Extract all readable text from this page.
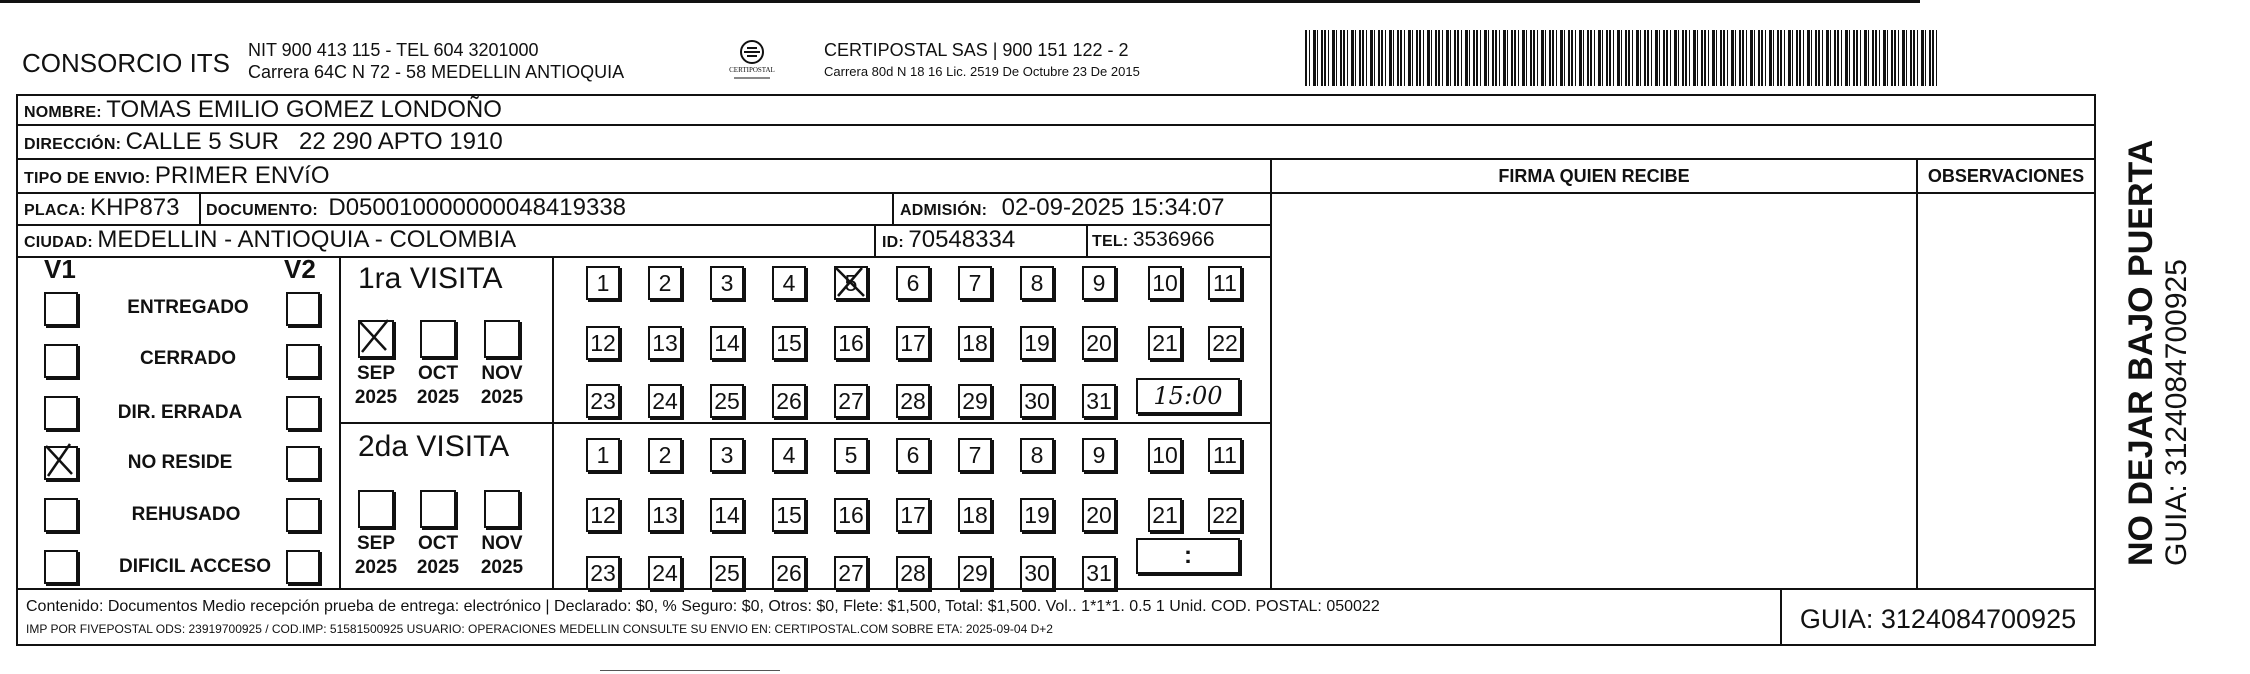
CONSORCIO ITS NIT 900 413 115 - TEL 604 3201000
Carrera 64C N 72 - 58 MEDELLIN ANTIOQUIA	CERTIPOSTAL
CERTIPOSTAL SAS | 900 151 122 - 2
Carrera 80d N 18 16 Lic. 2519 De Octubre 23 De 2015
NOMBRE: TOMAS EMILIO GOMEZ LONDOÑO
DIRECCIÓN: CALLE 5 SUR   22 290 APTO 1910
TIPO DE ENVIO: PRIMER ENVíO
PLACA: KHP873 DOCUMENTO: D050010000000048419338	ADMISIÓN: 02-09-2025 15:34:07
CIUDAD: MEDELLIN - ANTIOQUIA - COLOMBIA	ID: 70548334	TEL: 3536966
FIRMA QUIEN RECIBE	OBSERVACIONES
V1	V2
ENTREGADO
CERRADO
DIR. ERRADA
NO RESIDE
REHUSADO
DIFICIL ACCESO
1ra VISITA
SEP
2025
OCT
2025
NOV
2025
2da VISITA
SEP
2025
OCT
2025
NOV
2025
1	2	3	4	5	6	7	8	9	10 11
12 13 14 15 16 17 18 19 20 21 22
23 24 25 26 27 28 29 30 31
1	2	3	4	5	6	7	8	9	10 11
12 13 14 15 16 17 18 19 20 21 22
23 24 25 26 27 28 29 30 31
15:00
:
Contenido: Documentos Medio recepción prueba de entrega: electrónico | Declarado: $0, % Seguro: $0, Otros: $0, Flete: $1,500, Total: $1,500. Vol.. 1*1*1. 0.5 1 Unid. COD. POSTAL: 050022
IMP POR FIVEPOSTAL ODS: 23919700925 / COD.IMP: 51581500925 USUARIO: OPERACIONES MEDELLIN CONSULTE SU ENVIO EN: CERTIPOSTAL.COM SOBRE ETA: 2025-09-04 D+2	GUIA: 3124084700925
NO DEJAR BAJO PUERTA GUIA: 3124084700925
